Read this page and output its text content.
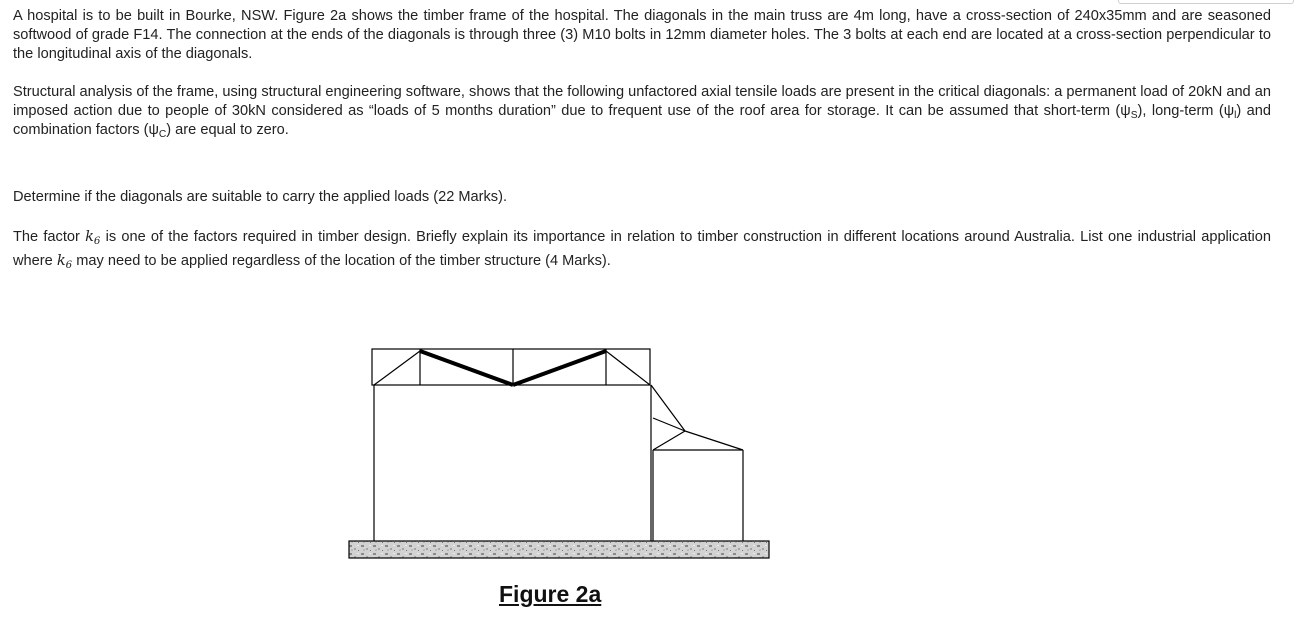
A hospital is to be built in Bourke, NSW. Figure 2a shows the timber frame of the hospital. The diagonals in the main truss are 4m long, have a cross-section of 240x35mm and are seasoned softwood of grade F14. The connection at the ends of the diagonals is through three (3) M10 bolts in 12mm diameter holes. The 3 bolts at each end are located at a cross-section perpendicular to the longitudinal axis of the diagonals.

Structural analysis of the frame, using structural engineering software, shows that the following unfactored axial tensile loads are present in the critical diagonals: a permanent load of 20kN and an imposed action due to people of 30kN considered as “loads of 5 months duration” due to frequent use of the roof area for storage. It can be assumed that short-term $(\psi_S)$, long-term $(\psi_l)$ and combination factors $(\psi_C)$ are equal to zero.

Determine if the diagonals are suitable to carry the applied loads (22 Marks).

The factor $k_6$ is one of the factors required in timber design. Briefly explain its importance in relation to timber construction in different locations around Australia. List one industrial application where $k_6$ may need to be applied regardless of the location of the timber structure (4 Marks).

Figure 2a
